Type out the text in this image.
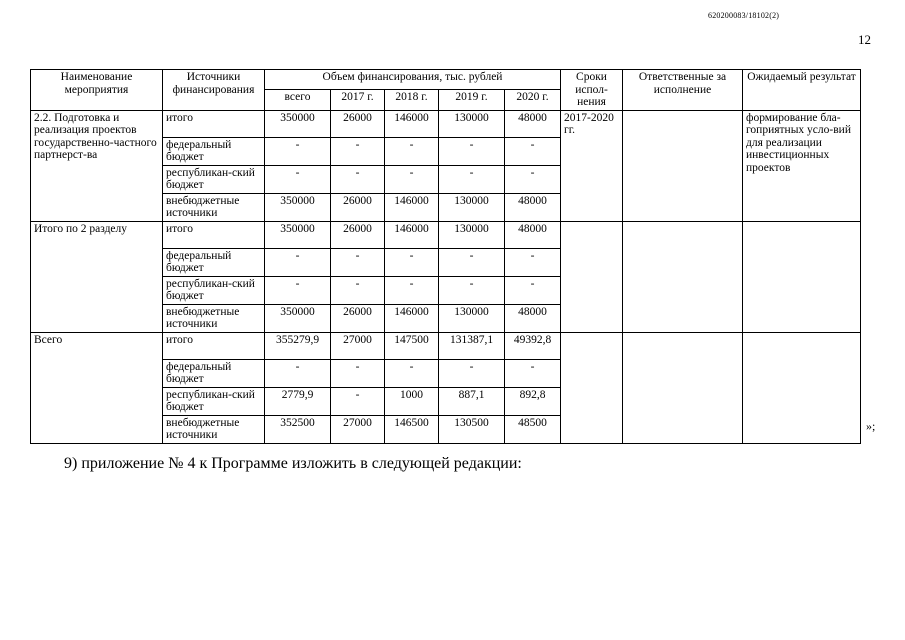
620200083/18102(2)
12
Наименование мероприятия	Источники финансирования	Объем финансирования, тыс. рублей					Сроки испол-нения	Ответственные за исполнение	Ожидаемый результат
		всего	2017 г.	2018 г.	2019 г.	2020 г.			
2.2. Подготовка и реализация проектов государственно-частного партнерст-ва	итого	350000	26000	146000	130000	48000	2017-2020 гг.		формирование бла-гоприятных усло-вий для реализации инвестиционных проектов
	федеральный бюджет	-	-	-	-	-			
	республикан-ский бюджет	-	-	-	-	-			
	внебюджетные источники	350000	26000	146000	130000	48000			
Итого по 2 разделу	итого	350000	26000	146000	130000	48000			
	федеральный бюджет	-	-	-	-	-			
	республикан-ский бюджет	-	-	-	-	-			
	внебюджетные источники	350000	26000	146000	130000	48000			
Всего	итого	355279,9	27000	147500	131387,1	49392,8			
	федеральный бюджет	-	-	-	-	-			
	республикан-ский бюджет	2779,9	-	1000	887,1	892,8			
	внебюджетные источники	352500	27000	146500	130500	48500				»;
9) приложение № 4 к Программе изложить в следующей редакции:
